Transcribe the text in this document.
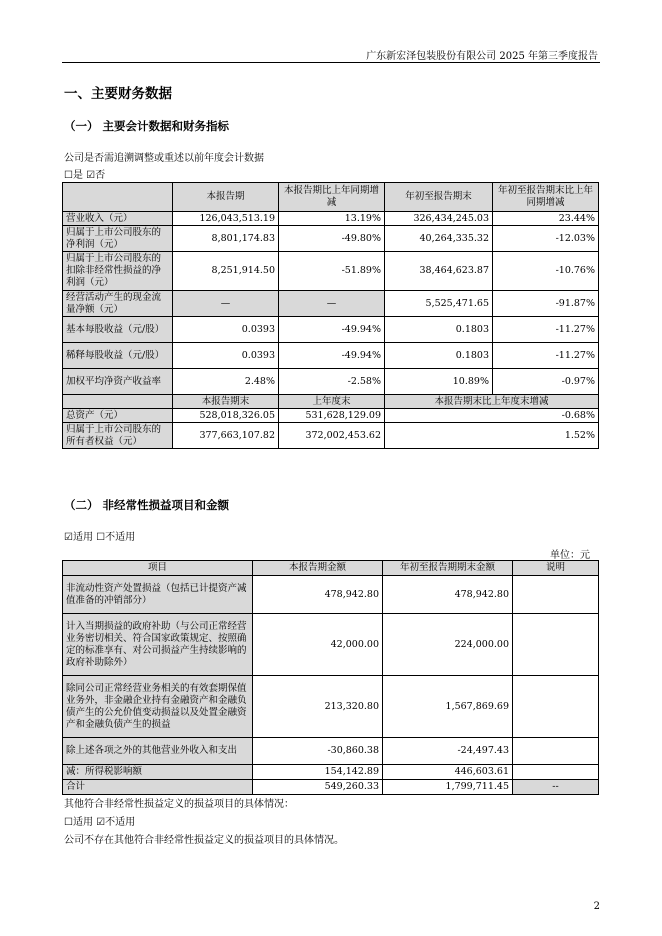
广东新宏泽包装股份有限公司 2025 年第三季度报告
一、主要财务数据
（一） 主要会计数据和财务指标
公司是否需追溯调整或重述以前年度会计数据
☐是 ☑否
	本报告期	本报告期比上年同期增减	年初至报告期末	年初至报告期末比上年同期增减
营业收入（元）	126,043,513.19	13.19%	326,434,245.03	23.44%
归属于上市公司股东的净利润（元）	8,801,174.83	-49.80%	40,264,335.32	-12.03%
归属于上市公司股东的扣除非经常性损益的净利润（元）	8,251,914.50	-51.89%	38,464,623.87	-10.76%
经营活动产生的现金流量净额（元）	—	—	5,525,471.65	-91.87%
基本每股收益（元/股）	0.0393	-49.94%	0.1803	-11.27%
稀释每股收益（元/股）	0.0393	-49.94%	0.1803	-11.27%
加权平均净资产收益率	2.48%	-2.58%	10.89%	-0.97%
	本报告期末	上年度末	本报告期末比上年度末增减	
总资产（元）	528,018,326.05	531,628,129.09	-0.68%	
归属于上市公司股东的所有者权益（元）	377,663,107.82	372,002,453.62	1.52%	
（二） 非经常性损益项目和金额
☑适用 ☐不适用
单位：元
项目	本报告期金额	年初至报告期期末金额	说明
非流动性资产处置损益（包括已计提资产减值准备的冲销部分）	478,942.80	478,942.80	
计入当期损益的政府补助（与公司正常经营业务密切相关、符合国家政策规定、按照确定的标准享有、对公司损益产生持续影响的政府补助除外）	42,000.00	224,000.00	
除同公司正常经营业务相关的有效套期保值业务外，非金融企业持有金融资产和金融负债产生的公允价值变动损益以及处置金融资产和金融负债产生的损益	213,320.80	1,567,869.69	
除上述各项之外的其他营业外收入和支出	-30,860.38	-24,497.43	
减：所得税影响额	154,142.89	446,603.61	
合计	549,260.33	1,799,711.45	--
其他符合非经常性损益定义的损益项目的具体情况：
☐适用 ☑不适用
公司不存在其他符合非经常性损益定义的损益项目的具体情况。
2
